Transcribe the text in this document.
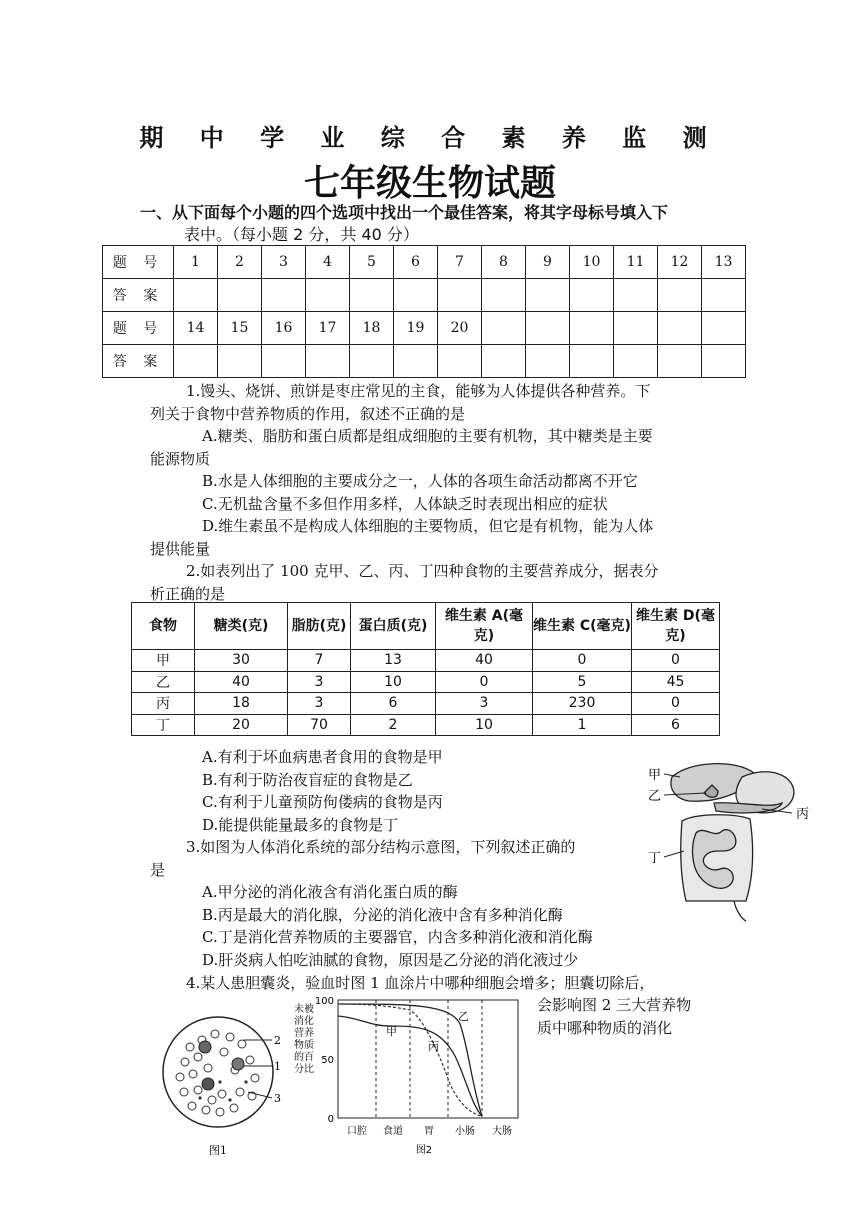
期 中 学 业 综 合 素 养 监 测
七年级生物试题
一、从下面每个小题的四个选项中找出一个最佳答案，将其字母标号填入下
表中。（每小题 2 分，共 40 分）
题 号	1	2	3	4	5	6	7	8	9	10	11	12	13
答 案													
题 号	14	15	16	17	18	19	20						
答 案													
1.馒头、烧饼、煎饼是枣庄常见的主食，能够为人体提供各种营养。下
列关于食物中营养物质的作用，叙述不正确的是
A.糖类、脂肪和蛋白质都是组成细胞的主要有机物，其中糖类是主要
能源物质
B.水是人体细胞的主要成分之一，人体的各项生命活动都离不开它
C.无机盐含量不多但作用多样，人体缺乏时表现出相应的症状
D.维生素虽不是构成人体细胞的主要物质，但它是有机物，能为人体
提供能量
2.如表列出了 100 克甲、乙、丙、丁四种食物的主要营养成分，据表分
析正确的是
食物	糖类(克)	脂肪(克)	蛋白质(克)	维生素 A(毫克)	维生素 C(毫克)	维生素 D(毫克)
甲	30	7	13	40	0	0
乙	40	3	10	0	5	45
丙	18	3	6	3	230	0
丁	20	70	2	10	1	6
A.有利于坏血病患者食用的食物是甲
B.有利于防治夜盲症的食物是乙
C.有利于儿童预防佝偻病的食物是丙
D.能提供能量最多的食物是丁
3.如图为人体消化系统的部分结构示意图，下列叙述正确的
是
A.甲分泌的消化液含有消化蛋白质的酶
B.丙是最大的消化腺，分泌的消化液中含有多种消化酶
C.丁是消化营养物质的主要器官，内含多种消化液和消化酶
D.肝炎病人怕吃油腻的食物，原因是乙分泌的消化液过少
甲
乙
丙
丁
4.某人患胆囊炎，验血时图 1 血涂片中哪种细胞会增多；胆囊切除后，
会影响图 2 三大营养物
质中哪种物质的消化
2
1
3
图1
未被
消化
营养
物质
的百
分比
100
50
0
甲
乙
丙
口腔 食道 胃 小肠 大肠
图2
